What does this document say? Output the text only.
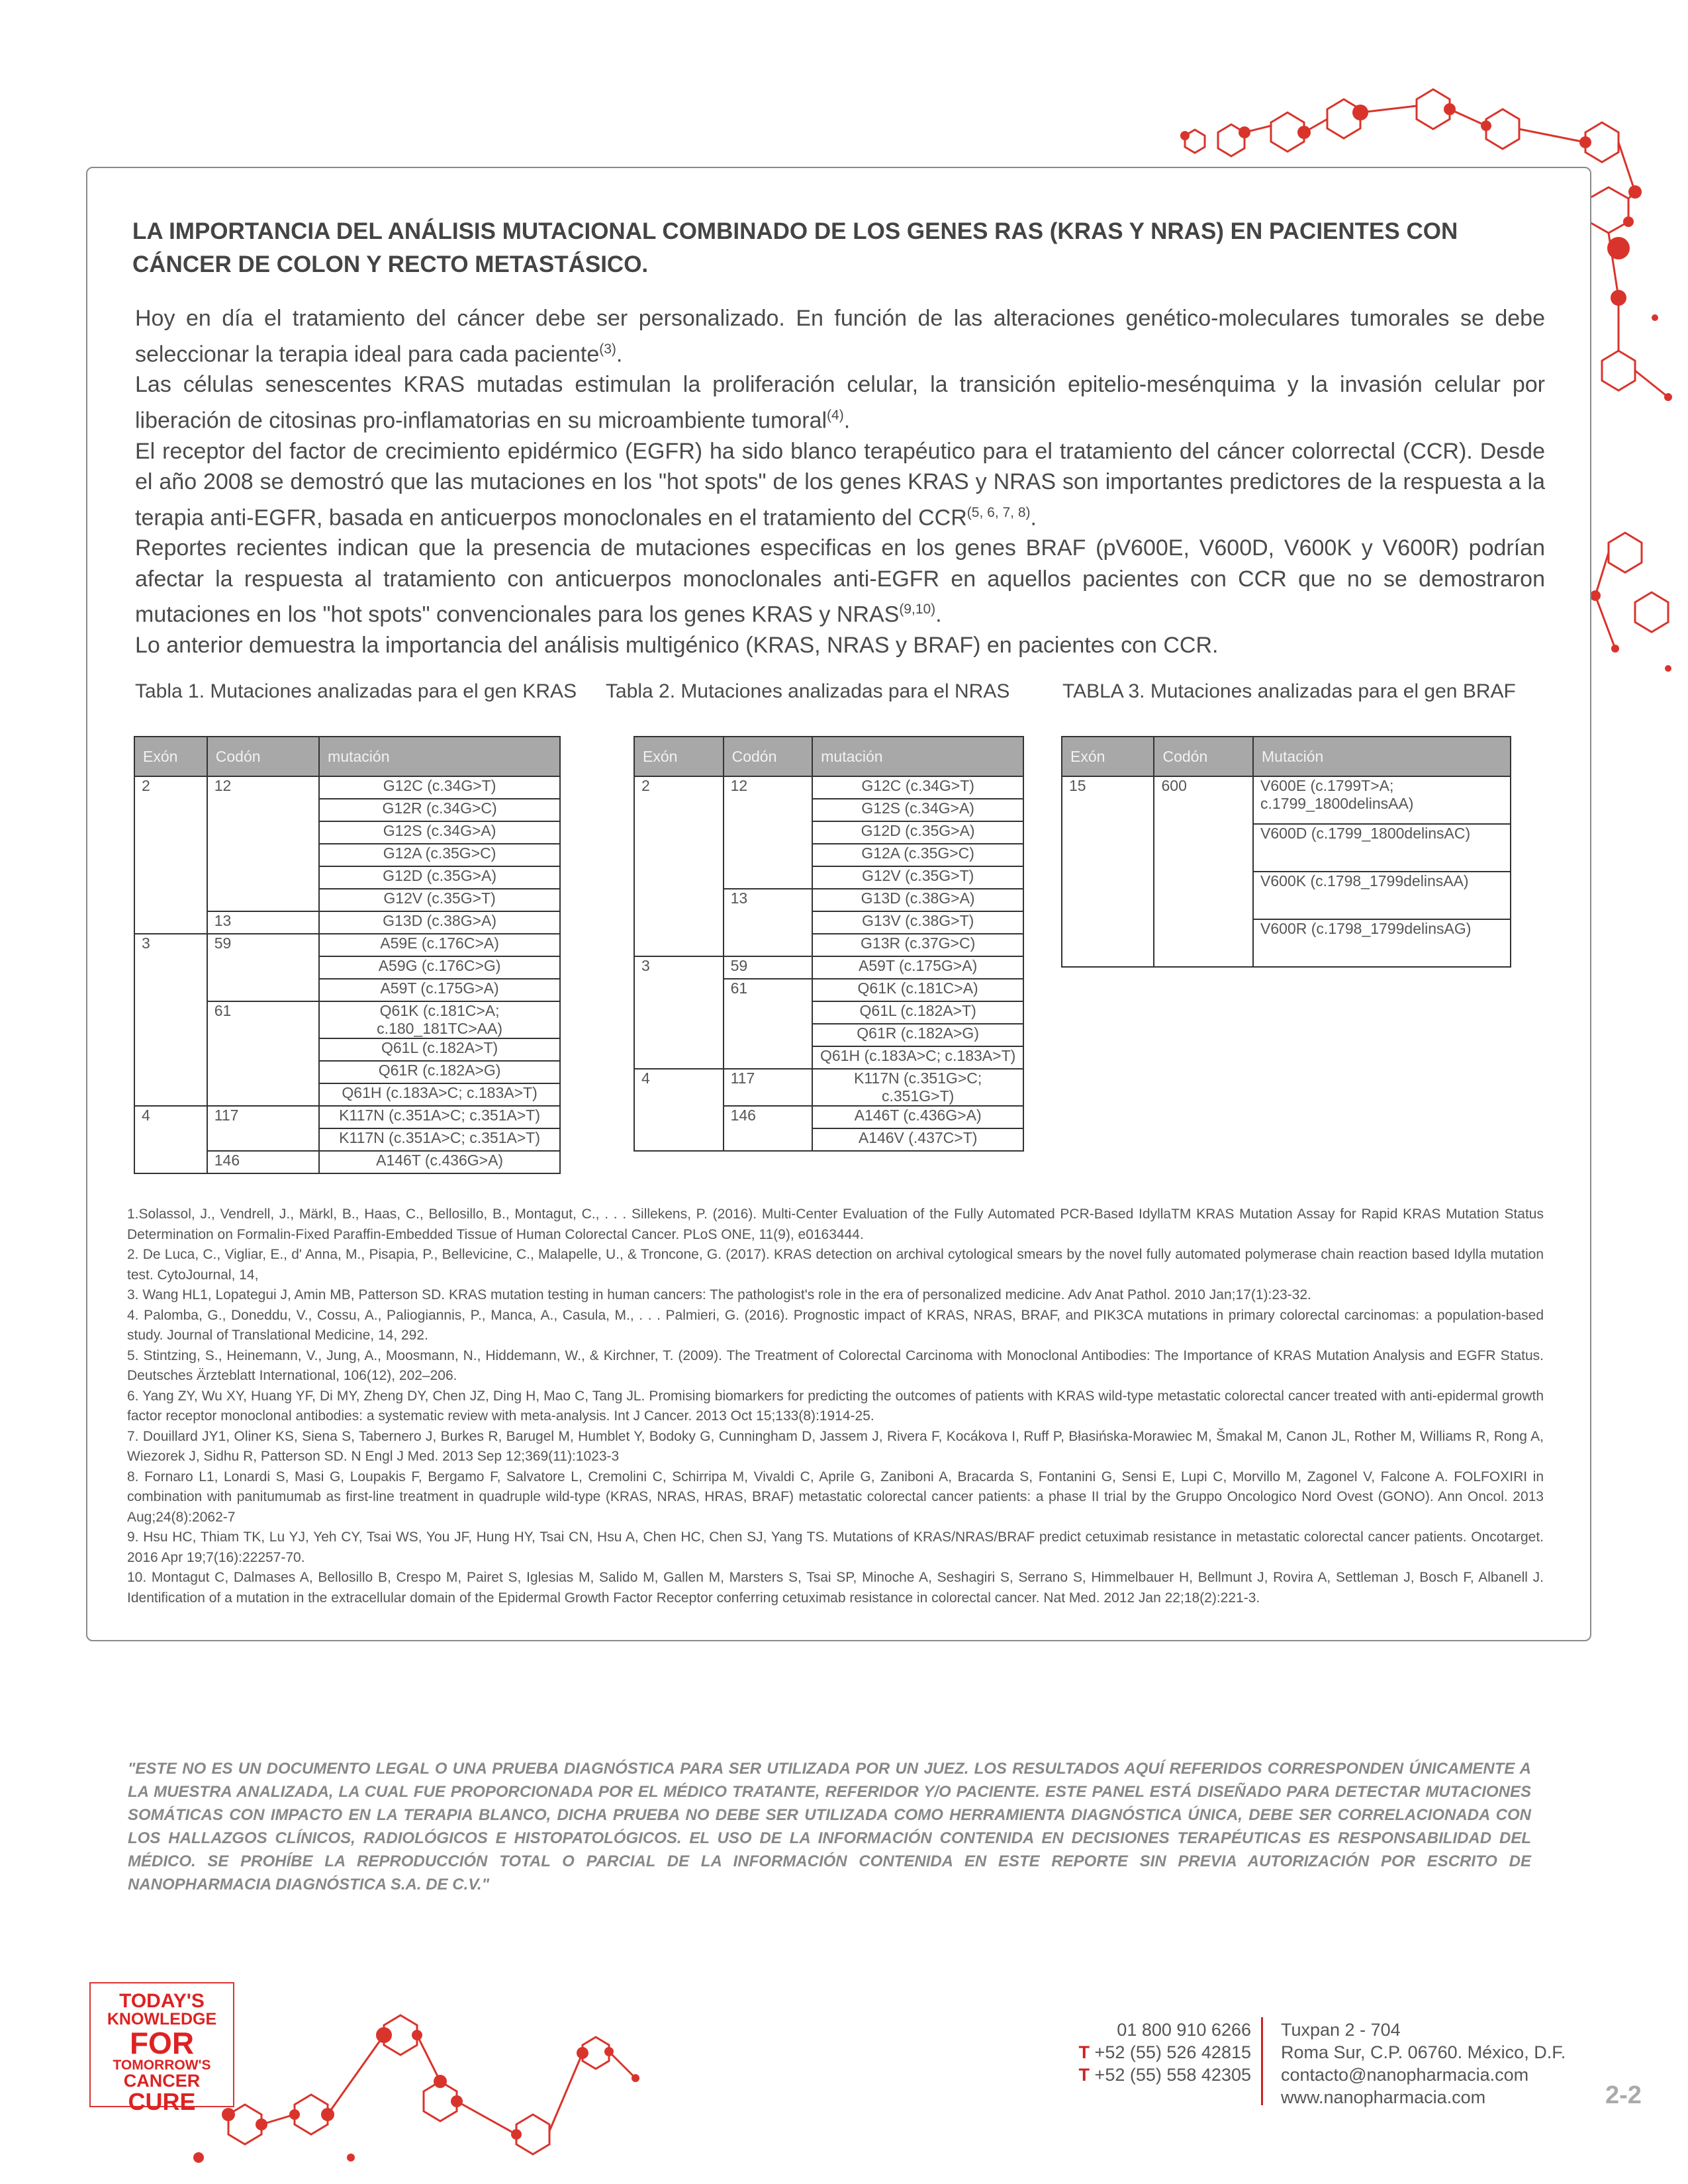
LA IMPORTANCIA DEL ANÁLISIS MUTACIONAL COMBINADO DE LOS GENES RAS (KRAS Y NRAS) EN PACIENTES CON CÁNCER DE COLON Y RECTO METASTÁSICO.

Hoy en día el tratamiento del cáncer debe ser personalizado. En función de las alteraciones genético-moleculares tumorales se debe seleccionar la terapia ideal para cada paciente$^{(3)}$.

Las células senescentes KRAS mutadas estimulan la proliferación celular, la transición epitelio-mesénquima y la invasión celular por liberación de citosinas pro-inflamatorias en su microambiente tumoral$^{(4)}$.

El receptor del factor de crecimiento epidérmico (EGFR) ha sido blanco terapéutico para el tratamiento del cáncer colorrectal (CCR). Desde el año 2008 se demostró que las mutaciones en los "hot spots" de los genes KRAS y NRAS son importantes predictores de la respuesta a la terapia anti-EGFR, basada en anticuerpos monoclonales en el tratamiento del CCR$^{(5, 6, 7, 8)}$.

Reportes recientes indican que la presencia de mutaciones especificas en los genes BRAF (pV600E, V600D, V600K y V600R) podrían afectar la respuesta al tratamiento con anticuerpos monoclonales anti-EGFR en aquellos pacientes con CCR que no se demostraron mutaciones en los "hot spots" convencionales para los genes KRAS y NRAS$^{(9,10)}$.

Lo anterior demuestra la importancia del análisis multigénico (KRAS, NRAS y BRAF) en pacientes con CCR.

Tabla 1. Mutaciones analizadas para el gen KRAS Tabla 2. Mutaciones analizadas para el NRAS	TABLA 3. Mutaciones analizadas para el gen BRAF
Exón	Codón	mutación
2	12	G12C (c.34G>T)
		G12R (c.34G>C)
		G12S (c.34G>A)
		G12A (c.35G>C)
		G12D (c.35G>A)
		G12V (c.35G>T)
	13	G13D (c.38G>A)
3	59	A59E (c.176C>A)
		A59G (c.176C>G)
		A59T (c.175G>A)
	61	Q61K (c.181C>A; c.180_181TC>AA)
		Q61L (c.182A>T)
		Q61R (c.182A>G)
		Q61H (c.183A>C; c.183A>T)
4	117	K117N (c.351A>C; c.351A>T)
		K117N (c.351A>C; c.351A>T)
	146	A146T (c.436G>A)
Exón	Codón	mutación
2	12	G12C (c.34G>T)
		G12S (c.34G>A)
		G12D (c.35G>A)
		G12A (c.35G>C)
		G12V (c.35G>T)
	13	G13D (c.38G>A)
		G13V (c.38G>T)
		G13R (c.37G>C)
3	59	A59T (c.175G>A)
	61	Q61K (c.181C>A)
		Q61L (c.182A>T)
		Q61R (c.182A>G)
		Q61H (c.183A>C; c.183A>T)
4	117	K117N (c.351G>C; c.351G>T)
	146	A146T (c.436G>A)
		A146V (.437C>T)
Exón	Codón	Mutación
15	600	V600E (c.1799T>A; c.1799_1800delinsAA)
		V600D (c.1799_1800delinsAC)
		V600K (c.1798_1799delinsAA)
		V600R (c.1798_1799delinsAG)

1.Solassol, J., Vendrell, J., Märkl, B., Haas, C., Bellosillo, B., Montagut, C., . . . Sillekens, P. (2016). Multi-Center Evaluation of the Fully Automated PCR-Based IdyllaTM KRAS Mutation Assay for Rapid KRAS Mutation Status Determination on Formalin-Fixed Paraffin-Embedded Tissue of Human Colorectal Cancer. PLoS ONE, 11(9), e0163444.

2. De Luca, C., Vigliar, E., d' Anna, M., Pisapia, P., Bellevicine, C., Malapelle, U., & Troncone, G. (2017). KRAS detection on archival cytological smears by the novel fully automated polymerase chain reaction based Idylla mutation test. CytoJournal, 14,

3. Wang HL1, Lopategui J, Amin MB, Patterson SD. KRAS mutation testing in human cancers: The pathologist's role in the era of personalized medicine. Adv Anat Pathol. 2010 Jan;17(1):23-32.

4. Palomba, G., Doneddu, V., Cossu, A., Paliogiannis, P., Manca, A., Casula, M., . . . Palmieri, G. (2016). Prognostic impact of KRAS, NRAS, BRAF, and PIK3CA mutations in primary colorectal carcinomas: a population-based study. Journal of Translational Medicine, 14, 292.

5. Stintzing, S., Heinemann, V., Jung, A., Moosmann, N., Hiddemann, W., & Kirchner, T. (2009). The Treatment of Colorectal Carcinoma with Monoclonal Antibodies: The Importance of KRAS Mutation Analysis and EGFR Status. Deutsches Ärzteblatt International, 106(12), 202–206.

6. Yang ZY, Wu XY, Huang YF, Di MY, Zheng DY, Chen JZ, Ding H, Mao C, Tang JL. Promising biomarkers for predicting the outcomes of patients with KRAS wild-type metastatic colorectal cancer treated with anti-epidermal growth factor receptor monoclonal antibodies: a systematic review with meta-analysis. Int J Cancer. 2013 Oct 15;133(8):1914-25.

7. Douillard JY1, Oliner KS, Siena S, Tabernero J, Burkes R, Barugel M, Humblet Y, Bodoky G, Cunningham D, Jassem J, Rivera F, Kocákova I, Ruff P, Błasińska-Morawiec M, Šmakal M, Canon JL, Rother M, Williams R, Rong A, Wiezorek J, Sidhu R, Patterson SD. N Engl J Med. 2013 Sep 12;369(11):1023-3

8. Fornaro L1, Lonardi S, Masi G, Loupakis F, Bergamo F, Salvatore L, Cremolini C, Schirripa M, Vivaldi C, Aprile G, Zaniboni A, Bracarda S, Fontanini G, Sensi E, Lupi C, Morvillo M, Zagonel V, Falcone A. FOLFOXIRI in combination with panitumumab as first-line treatment in quadruple wild-type (KRAS, NRAS, HRAS, BRAF) metastatic colorectal cancer patients: a phase II trial by the Gruppo Oncologico Nord Ovest (GONO). Ann Oncol. 2013 Aug;24(8):2062-7

9. Hsu HC, Thiam TK, Lu YJ, Yeh CY, Tsai WS, You JF, Hung HY, Tsai CN, Hsu A, Chen HC, Chen SJ, Yang TS. Mutations of KRAS/NRAS/BRAF predict cetuximab resistance in metastatic colorectal cancer patients. Oncotarget. 2016 Apr 19;7(16):22257-70.

10. Montagut C, Dalmases A, Bellosillo B, Crespo M, Pairet S, Iglesias M, Salido M, Gallen M, Marsters S, Tsai SP, Minoche A, Seshagiri S, Serrano S, Himmelbauer H, Bellmunt J, Rovira A, Settleman J, Bosch F, Albanell J. Identification of a mutation in the extracellular domain of the Epidermal Growth Factor Receptor conferring cetuximab resistance in colorectal cancer. Nat Med. 2012 Jan 22;18(2):221-3.

"ESTE NO ES UN DOCUMENTO LEGAL O UNA PRUEBA DIAGNÓSTICA PARA SER UTILIZADA POR UN JUEZ. LOS RESULTADOS AQUÍ REFERIDOS CORRESPONDEN ÚNICAMENTE A LA MUESTRA ANALIZADA, LA CUAL FUE PROPORCIONADA POR EL MÉDICO TRATANTE, REFERIDOR Y/O PACIENTE. ESTE PANEL ESTÁ DISEÑADO PARA DETECTAR MUTACIONES SOMÁTICAS CON IMPACTO EN LA TERAPIA BLANCO, DICHA PRUEBA NO DEBE SER UTILIZADA COMO HERRAMIENTA DIAGNÓSTICA ÚNICA, DEBE SER CORRELACIONADA CON LOS HALLAZGOS CLÍNICOS, RADIOLÓGICOS E HISTOPATOLÓGICOS. EL USO DE LA INFORMACIÓN CONTENIDA EN DECISIONES TERAPÉUTICAS ES RESPONSABILIDAD DEL MÉDICO. SE PROHÍBE LA REPRODUCCIÓN TOTAL O PARCIAL DE LA INFORMACIÓN CONTENIDA EN ESTE REPORTE SIN PREVIA AUTORIZACIÓN POR ESCRITO DE NANOPHARMACIA DIAGNÓSTICA S.A. DE C.V."

TODAY'S
KNOWLEDGE
FOR
TOMORROW'S
CANCER
CURE
01 800 910 6266
T +52 (55) 526 42815
T +52 (55) 558 42305
Tuxpan 2 - 704
Roma Sur, C.P. 06760. México, D.F.
contacto@nanopharmacia.com
www.nanopharmacia.com	2-2
